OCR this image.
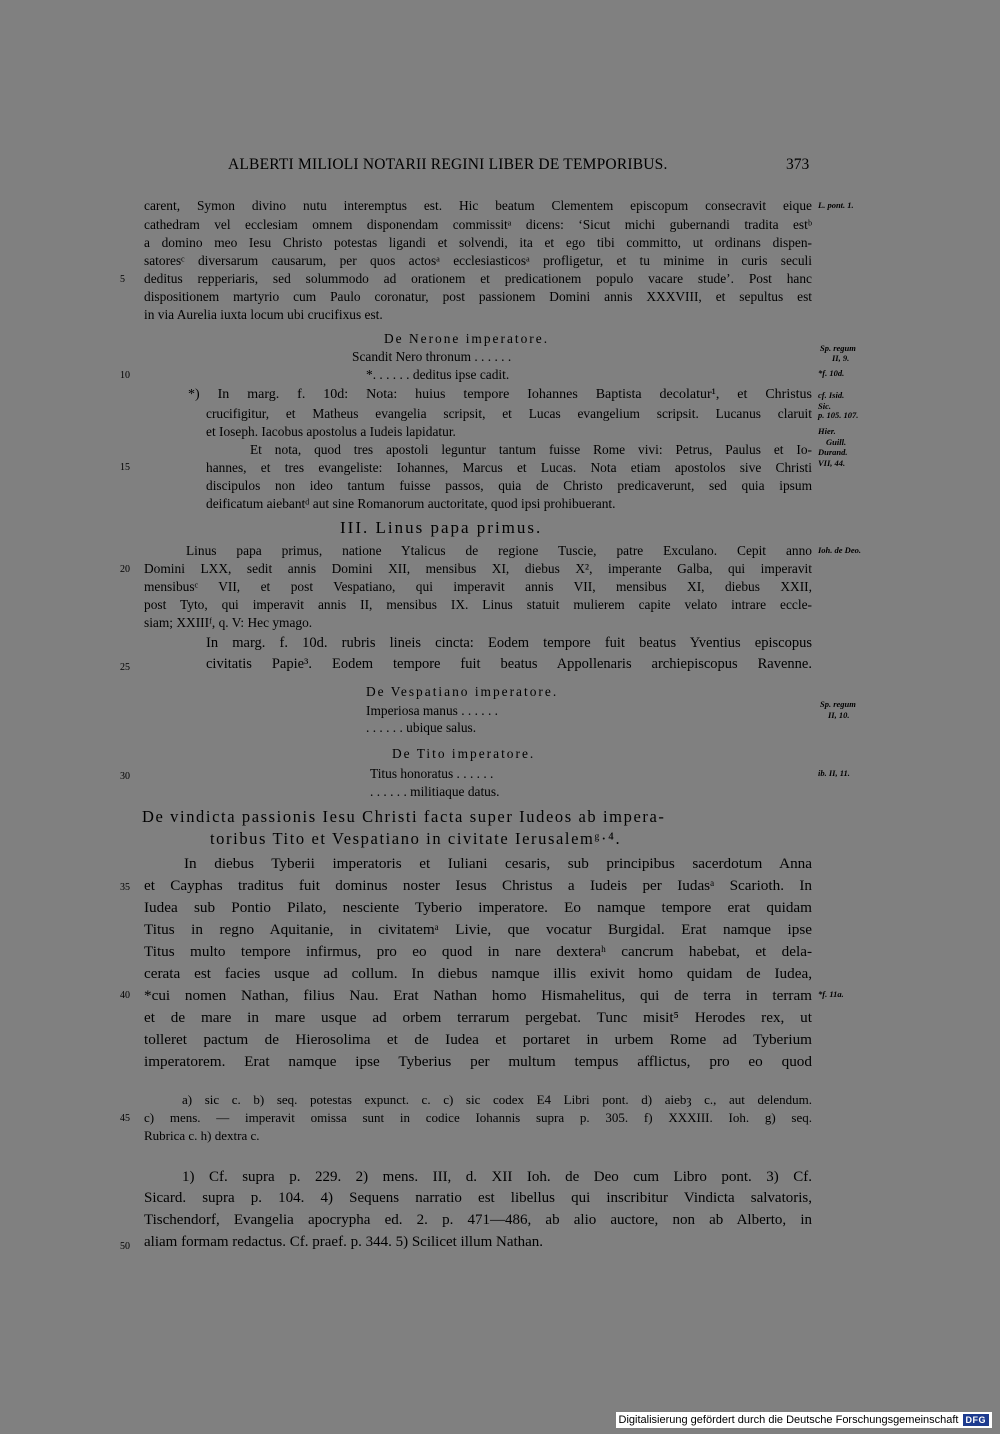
ALBERTI MILIOLI NOTARII REGINI LIBER DE TEMPORIBUS.	373
carent, Symon divino nutu interemptus est. Hic beatum Clementem episcopum consecravit eique
cathedram vel ecclesiam omnem disponendam commissitᵃ dicens: ‘Sicut michi gubernandi tradita estᵇ
a domino meo Iesu Christo potestas ligandi et solvendi, ita et ego tibi committo, ut ordinans dispen-
satoresᶜ diversarum causarum, per quos actosᵃ ecclesiasticosᵃ profligetur, et tu minime in curis seculi
deditus repperiaris, sed solummodo ad orationem et predicationem populo vacare stude’. Post hanc
dispositionem martyrio cum Paulo coronatur, post passionem Domini annis XXXVIII, et sepultus est
in via Aurelia iuxta locum ubi crucifixus est.
De Nerone imperatore.
Scandit Nero thronum . . . . . .
*. . . . . . deditus ipse cadit.
*) In marg. f. 10d: Nota: huius tempore Iohannes Baptista decolatur¹, et Christus
crucifigitur, et Matheus evangelia scripsit, et Lucas evangelium scripsit. Lucanus claruit
et Ioseph. Iacobus apostolus a Iudeis lapidatur.
Et nota, quod tres apostoli leguntur tantum fuisse Rome vivi: Petrus, Paulus et Io-
hannes, et tres evangeliste: Iohannes, Marcus et Lucas. Nota etiam apostolos sive Christi
discipulos non ideo tantum fuisse passos, quia de Christo predicaverunt, sed quia ipsum
deificatum aiebantᵈ aut sine Romanorum auctoritate, quod ipsi prohibuerant.
III. Linus papa primus.
Linus papa primus, natione Ytalicus de regione Tuscie, patre Exculano. Cepit anno
Domini LXX, sedit annis Domini XII, mensibus XI, diebus X², imperante Galba, qui imperavit
mensibusᶜ VII, et post Vespatiano, qui imperavit annis VII, mensibus XI, diebus XXII,
post Tyto, qui imperavit annis II, mensibus IX. Linus statuit mulierem capite velato intrare eccle-
siam; XXIIIᶠ, q. V: Hec ymago.
In marg. f. 10d. rubris lineis cincta: Eodem tempore fuit beatus Yventius episcopus
civitatis Papie³. Eodem tempore fuit beatus Appollenaris archiepiscopus Ravenne.
De Vespatiano imperatore.
Imperiosa manus . . . . . .
. . . . . . ubique salus.
De Tito imperatore.
Titus honoratus . . . . . .
. . . . . . militiaque datus.
De vindicta passionis Iesu Christi facta super Iudeos ab impera-
toribus Tito et Vespatiano in civitate Ierusalemᵍ·⁴.
In diebus Tyberii imperatoris et Iuliani cesaris, sub principibus sacerdotum Anna
et Cayphas traditus fuit dominus noster Iesus Christus a Iudeis per Iudasᵃ Scarioth. In
Iudea sub Pontio Pilato, nesciente Tyberio imperatore. Eo namque tempore erat quidam
Titus in regno Aquitanie, in civitatemᵃ Livie, que vocatur Burgidal. Erat namque ipse
Titus multo tempore infirmus, pro eo quod in nare dexteraʰ cancrum habebat, et dela-
cerata est facies usque ad collum. In diebus namque illis exivit homo quidam de Iudea,
*cui nomen Nathan, filius Nau. Erat Nathan homo Hismahelitus, qui de terra in terram
et de mare in mare usque ad orbem terrarum pergebat. Tunc misit⁵ Herodes rex, ut
tolleret pactum de Hierosolima et de Iudea et portaret in urbem Rome ad Tyberium
imperatorem. Erat namque ipse Tyberius per multum tempus afflictus, pro eo quod
a) sic c. b) seq. potestas expunct. c. c) sic codex E4 Libri pont. d) aiebȝ c., aut delendum.
c) mens. — imperavit omissa sunt in codice Iohannis supra p. 305. f) XXXIII. Ioh. g) seq.
Rubrica c. h) dextra c.
1) Cf. supra p. 229. 2) mens. III, d. XII Ioh. de Deo cum Libro pont. 3) Cf.
Sicard. supra p. 104. 4) Sequens narratio est libellus qui inscribitur Vindicta salvatoris,
Tischendorf, Evangelia apocrypha ed. 2. p. 471—486, ab alio auctore, non ab Alberto, in
aliam formam redactus. Cf. praef. p. 344. 5) Scilicet illum Nathan.
5
10
15
20
25
30
35
40
45
50
L. pont. 1.
Sp. regum
II, 9.
*f. 10d.
cf. Isid.
Sic.
p. 105. 107.
Hier.
Guill.
Durand.
VII, 44.
Ioh. de Deo.
Sp. regum
II, 10.
ib. II, 11.
*f. 11a.
Digitalisierung gefördert durch die Deutsche Forschungsgemeinschaft DFG
